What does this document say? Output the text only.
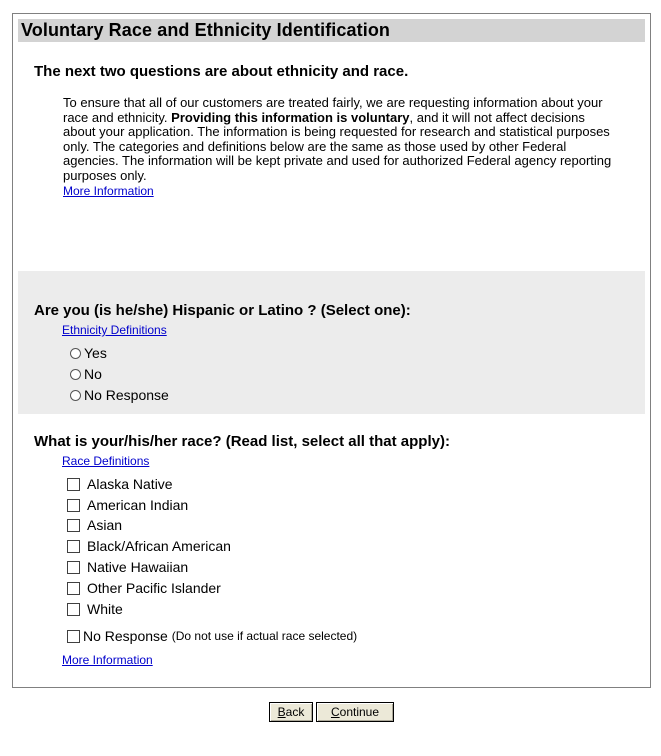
Voluntary Race and Ethnicity Identification
The next two questions are about ethnicity and race.
To ensure that all of our customers are treated fairly, we are requesting information about your race and ethnicity. Providing this information is voluntary, and it will not affect decisions about your application. The information is being requested for research and statistical purposes only. The categories and definitions below are the same as those used by other Federal agencies. The information will be kept private and used for authorized Federal agency reporting purposes only.
More Information
Are you (is he/she) Hispanic or Latino ? (Select one):
Ethnicity Definitions
Yes
No
No Response
What is your/his/her race? (Read list, select all that apply):
Race Definitions
Alaska Native
American Indian
Asian
Black/African American
Native Hawaiian
Other Pacific Islander
White
No Response
(Do not use if actual race selected)
More Information
B ack C ontinue
